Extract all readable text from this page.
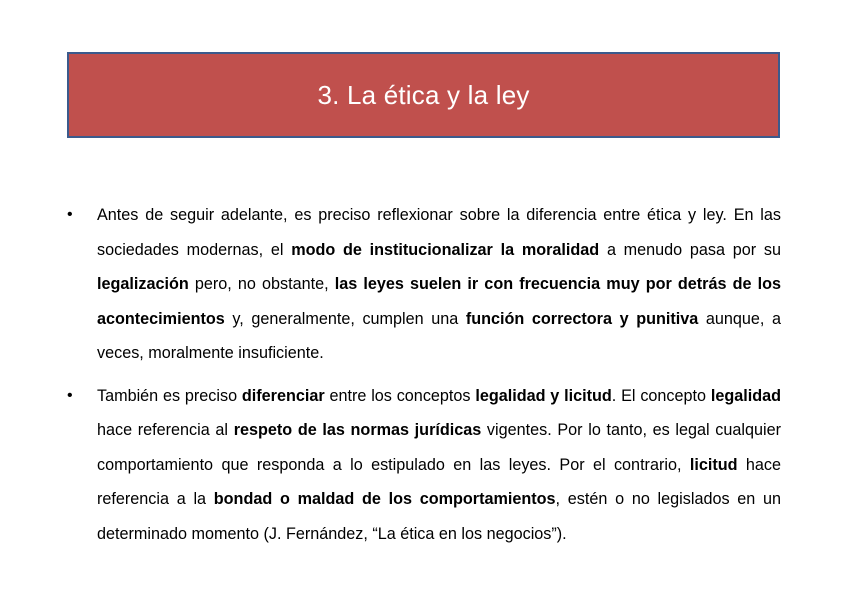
3. La ética y la ley
•	Antes de seguir adelante, es preciso reflexionar sobre la diferencia entre ética y ley. En las sociedades modernas, el modo de institucionalizar la moralidad a menudo pasa por su legalización pero, no obstante, las leyes suelen ir con frecuencia muy por detrás de los acontecimientos y, generalmente, cumplen una función correctora y punitiva aunque, a veces, moralmente insuficiente.
•	También es preciso diferenciar entre los conceptos legalidad y licitud. El concepto legalidad hace referencia al respeto de las normas jurídicas vigentes. Por lo tanto, es legal cualquier comportamiento que responda a lo estipulado en las leyes. Por el contrario, licitud hace referencia a la bondad o maldad de los comportamientos, estén o no legislados en un determinado momento (J. Fernández, “La ética en los negocios”).
